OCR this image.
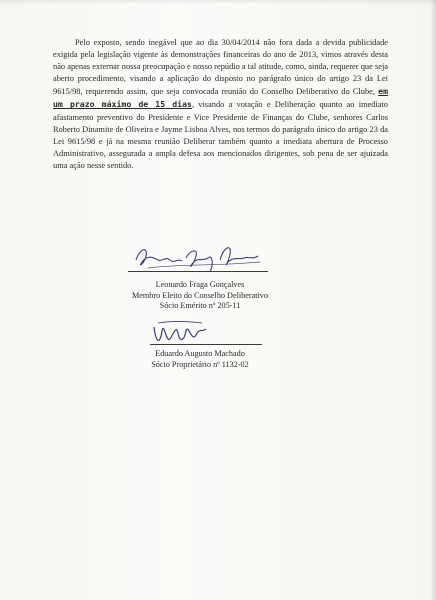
Pelo exposto, sendo inegável que ao dia 30/04/2014 não fora dada a devida publicidade exigida pela legislação vigente às demonstrações financeiras do ano de 2013, vimos através desta não apenas externar nossa preocupação e nosso repúdio a tal atitude, como, ainda, requerer que seja aberto procedimento, visando a aplicação do disposto no parágrafo único do artigo 23 da Lei 9615/98, requerendo assim, que seja convocada reunião do Conselho Deliberativo do Clube, em um prazo máximo de 15 dias, visando a votação e Deliberação quanto ao imediato afastamento preventivo do Presidente e Vice Presidente de Finanças do Clube, senhores Carlos Roberto Dinamite de Oliveira e Jayme Lisboa Alves, nos termos do parágrafo único do artigo 23 da Lei 9615/98 e já na mesma reunião Deliberar também quanto a imediata abertura de Processo Administrativo, assegurada a ampla defesa aos mencionados dirigentes, sob pena de ser ajuizada uma ação nesse sentido.

Leonardo Fraga Gonçalves
Membro Eleito do Conselho Deliberativo
Sócio Emérito nº 205-11
Eduardo Augusto Machado
Sócio Proprietário nº 1132-02
